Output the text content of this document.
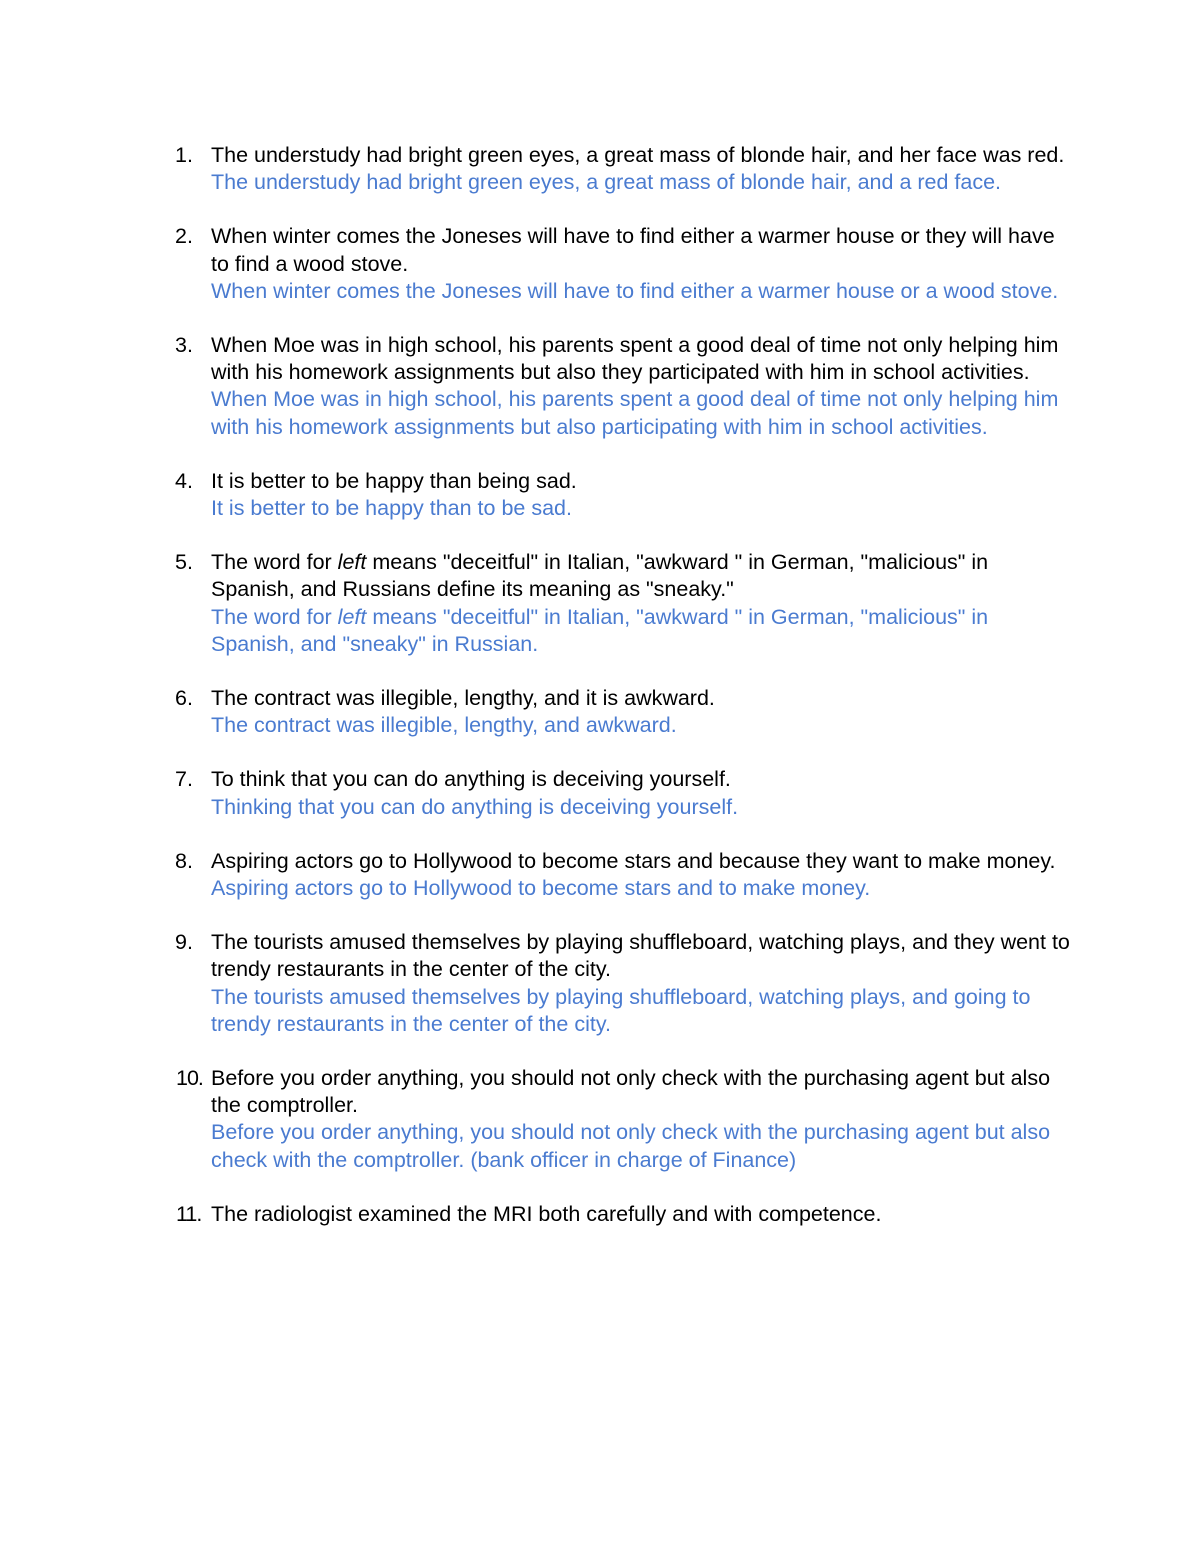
1. The understudy had bright green eyes, a great mass of blonde hair, and her face was red.
The understudy had bright green eyes, a great mass of blonde hair, and a red face.
2. When winter comes the Joneses will have to find either a warmer house or they will have to find a wood stove.
When winter comes the Joneses will have to find either a warmer house or a wood stove.
3. When Moe was in high school, his parents spent a good deal of time not only helping him with his homework assignments but also they participated with him in school activities.
When Moe was in high school, his parents spent a good deal of time not only helping him with his homework assignments but also participating with him in school activities.
4. It is better to be happy than being sad.
It is better to be happy than to be sad.
5. The word for left means "deceitful" in Italian, "awkward " in German, "malicious" in Spanish, and Russians define its meaning as "sneaky."
The word for left means "deceitful" in Italian, "awkward " in German, "malicious" in Spanish, and "sneaky" in Russian.
6. The contract was illegible, lengthy, and it is awkward.
The contract was illegible, lengthy, and awkward.
7. To think that you can do anything is deceiving yourself.
Thinking that you can do anything is deceiving yourself.
8. Aspiring actors go to Hollywood to become stars and because they want to make money.
Aspiring actors go to Hollywood to become stars and to make money.
9. The tourists amused themselves by playing shuffleboard, watching plays, and they went to trendy restaurants in the center of the city.
The tourists amused themselves by playing shuffleboard, watching plays, and going to trendy restaurants in the center of the city.
10. Before you order anything, you should not only check with the purchasing agent but also the comptroller.
Before you order anything, you should not only check with the purchasing agent but also check with the comptroller. (bank officer in charge of Finance)
11. The radiologist examined the MRI both carefully and with competence.
